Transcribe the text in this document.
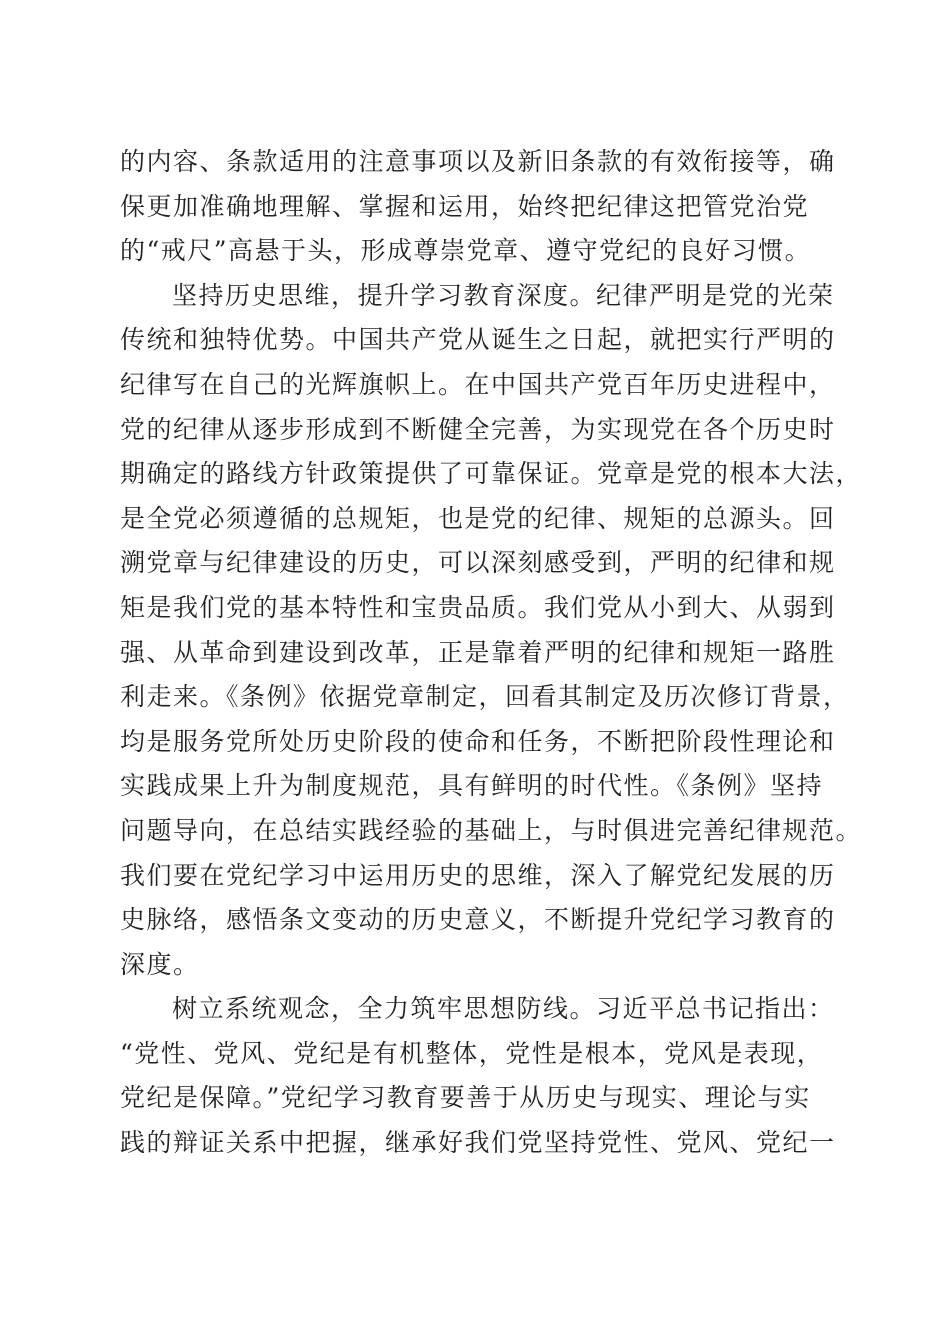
的内容、条款适用的注意事项以及新旧条款的有效衔接等，确
保更加准确地理解、掌握和运用，始终把纪律这把管党治党
的“戒尺”高悬于头，形成尊崇党章、遵守党纪的良好习惯。
坚持历史思维，提升学习教育深度。纪律严明是党的光荣
传统和独特优势。中国共产党从诞生之日起，就把实行严明的
纪律写在自己的光辉旗帜上。在中国共产党百年历史进程中，
党的纪律从逐步形成到不断健全完善，为实现党在各个历史时
期确定的路线方针政策提供了可靠保证。党章是党的根本大法，
是全党必须遵循的总规矩，也是党的纪律、规矩的总源头。回
溯党章与纪律建设的历史，可以深刻感受到，严明的纪律和规
矩是我们党的基本特性和宝贵品质。我们党从小到大、从弱到
强、从革命到建设到改革，正是靠着严明的纪律和规矩一路胜
利走来。《条例》依据党章制定，回看其制定及历次修订背景，
均是服务党所处历史阶段的使命和任务，不断把阶段性理论和
实践成果上升为制度规范，具有鲜明的时代性。《条例》坚持
问题导向，在总结实践经验的基础上，与时俱进完善纪律规范。
我们要在党纪学习中运用历史的思维，深入了解党纪发展的历
史脉络，感悟条文变动的历史意义，不断提升党纪学习教育的
深度。
树立系统观念，全力筑牢思想防线。习近平总书记指出：
“党性、党风、党纪是有机整体，党性是根本，党风是表现，
党纪是保障。”党纪学习教育要善于从历史与现实、理论与实
践的辩证关系中把握，继承好我们党坚持党性、党风、党纪一
